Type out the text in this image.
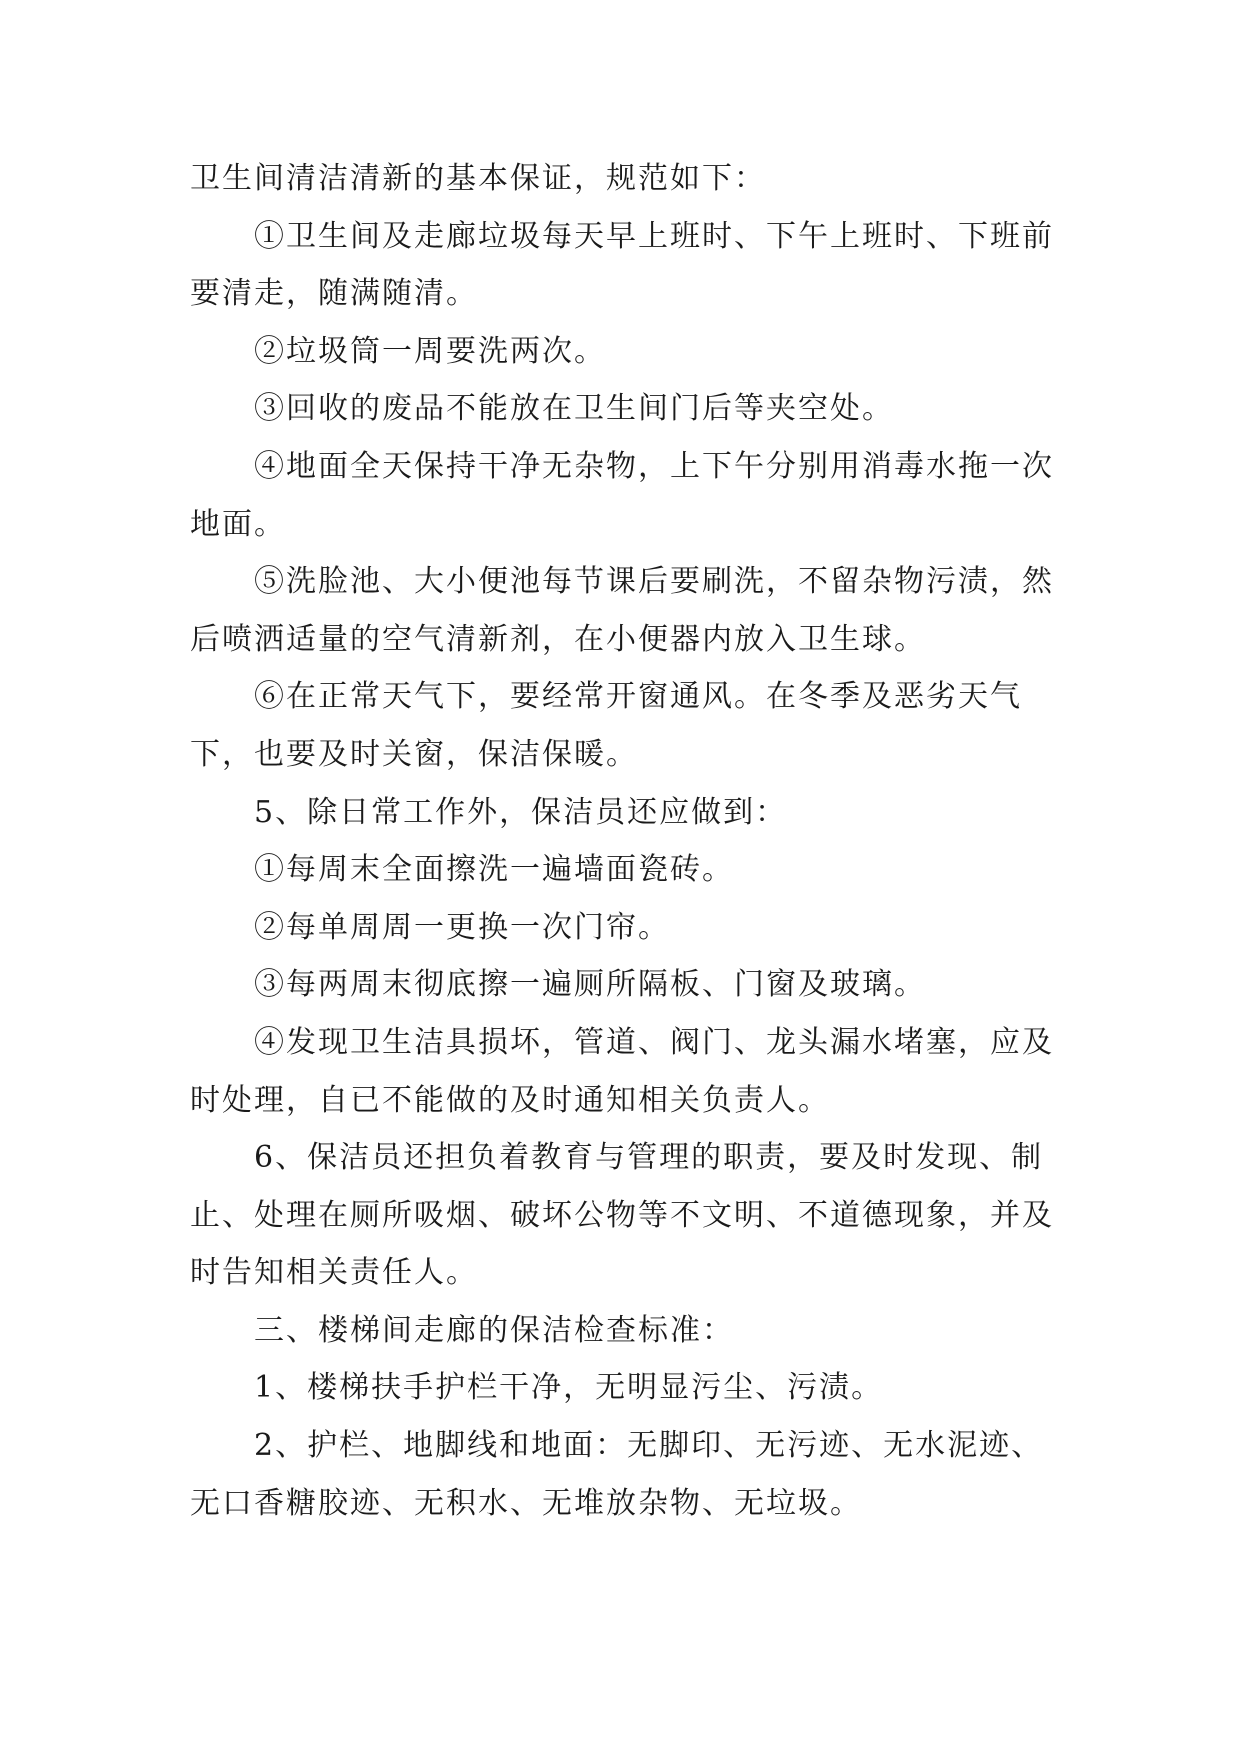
卫生间清洁清新的基本保证，规范如下：

①卫生间及走廊垃圾每天早上班时、下午上班时、下班前要清走，随满随清。

②垃圾筒一周要洗两次。

③回收的废品不能放在卫生间门后等夹空处。

④地面全天保持干净无杂物，上下午分别用消毒水拖一次地面。

⑤洗脸池、大小便池每节课后要刷洗，不留杂物污渍，然后喷洒适量的空气清新剂，在小便器内放入卫生球。

⑥在正常天气下，要经常开窗通风。在冬季及恶劣天气下，也要及时关窗，保洁保暖。

5、除日常工作外，保洁员还应做到：

①每周末全面擦洗一遍墙面瓷砖。

②每单周周一更换一次门帘。

③每两周末彻底擦一遍厕所隔板、门窗及玻璃。

④发现卫生洁具损坏，管道、阀门、龙头漏水堵塞，应及时处理，自已不能做的及时通知相关负责人。

6、保洁员还担负着教育与管理的职责，要及时发现、制止、处理在厕所吸烟、破坏公物等不文明、不道德现象，并及时告知相关责任人。

三、楼梯间走廊的保洁检查标准：

1、楼梯扶手护栏干净，无明显污尘、污渍。

2、护栏、地脚线和地面：无脚印、无污迹、无水泥迹、无口香糖胶迹、无积水、无堆放杂物、无垃圾。
